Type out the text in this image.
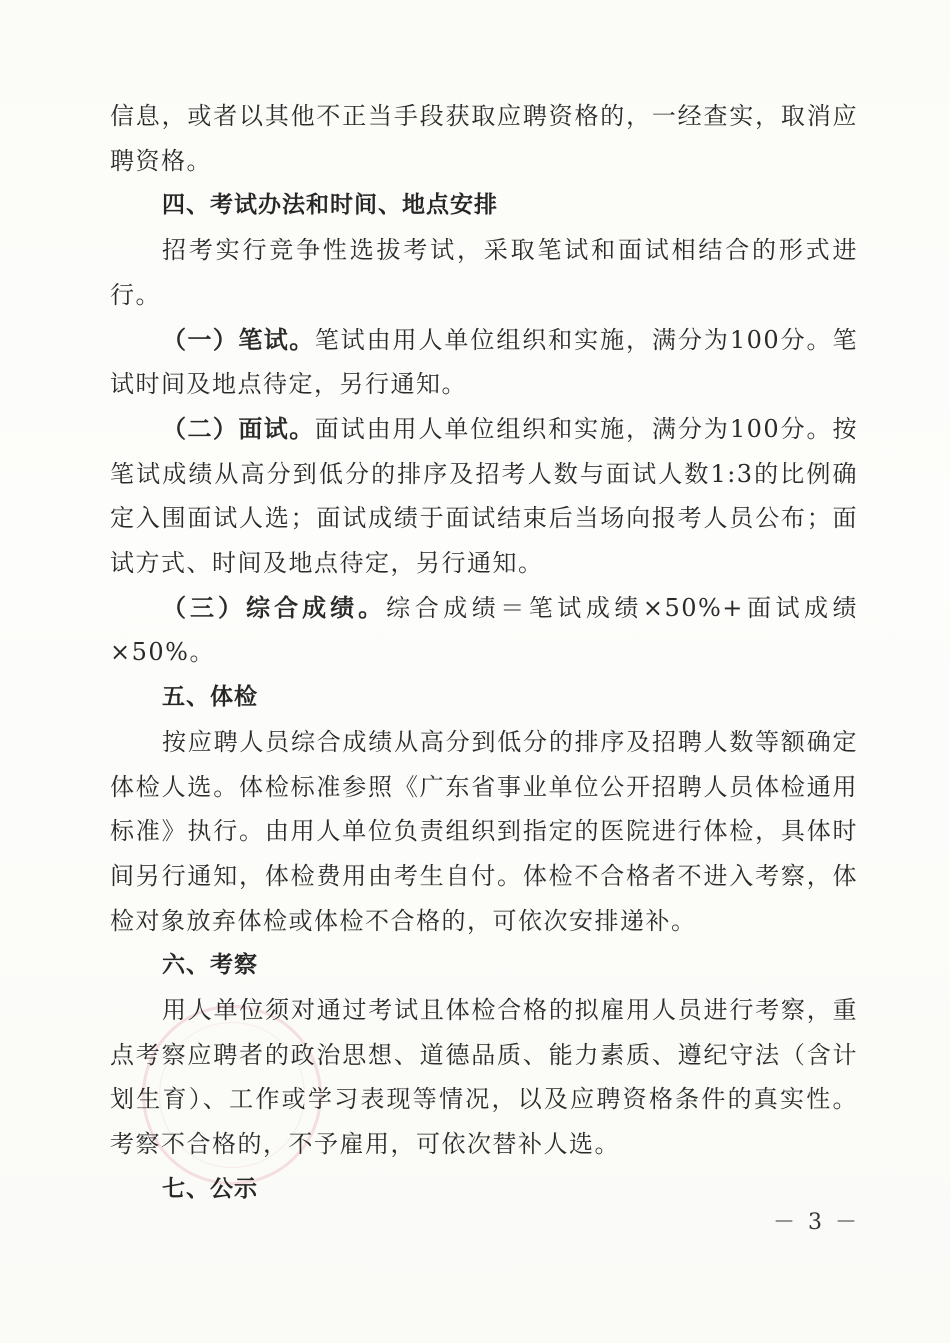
信息，或者以其他不正当手段获取应聘资格的，一经查实，取消应聘资格。

四、考试办法和时间、地点安排

招考实行竞争性选拔考试，采取笔试和面试相结合的形式进行。

（一）笔试。笔试由用人单位组织和实施，满分为100分。笔试时间及地点待定，另行通知。

（二）面试。面试由用人单位组织和实施，满分为100分。按笔试成绩从高分到低分的排序及招考人数与面试人数1:3的比例确定入围面试人选；面试成绩于面试结束后当场向报考人员公布；面试方式、时间及地点待定，另行通知。

（三）综合成绩。综合成绩＝笔试成绩×50%+面试成绩×50%。

五、体检

按应聘人员综合成绩从高分到低分的排序及招聘人数等额确定体检人选。体检标准参照《广东省事业单位公开招聘人员体检通用标准》执行。由用人单位负责组织到指定的医院进行体检，具体时间另行通知，体检费用由考生自付。体检不合格者不进入考察，体检对象放弃体检或体检不合格的，可依次安排递补。

六、考察

用人单位须对通过考试且体检合格的拟雇用人员进行考察，重点考察应聘者的政治思想、道德品质、能力素质、遵纪守法（含计划生育）、工作或学习表现等情况，以及应聘资格条件的真实性。考察不合格的，不予雇用，可依次替补人选。

七、公示

－ 3 －
